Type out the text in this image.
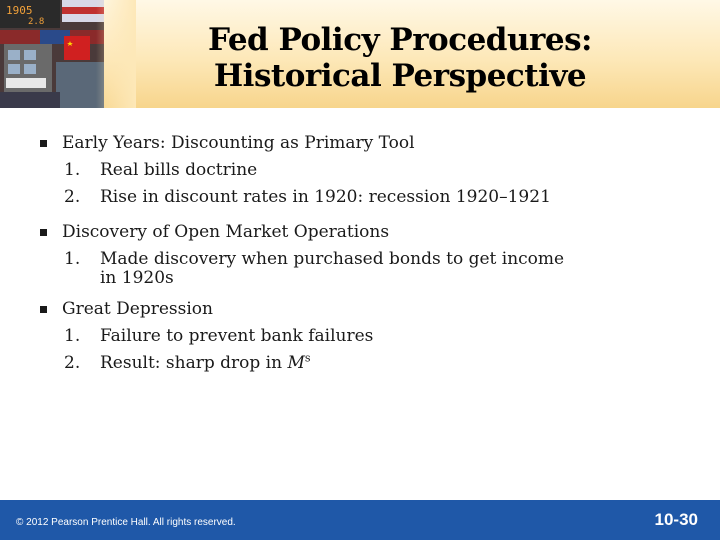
1905
2.8	Fed Policy Procedures:
Historical Perspective
Early Years: Discounting as Primary Tool
1. Real bills doctrine
2. Rise in discount rates in 1920: recession 1920–1921
Discovery of Open Market Operations
1. Made discovery when purchased bonds to get income
in 1920s
Great Depression
1. Failure to prevent bank failures
2. Result: sharp drop in $M^s$
© 2012 Pearson Prentice Hall. All rights reserved.	10-30
